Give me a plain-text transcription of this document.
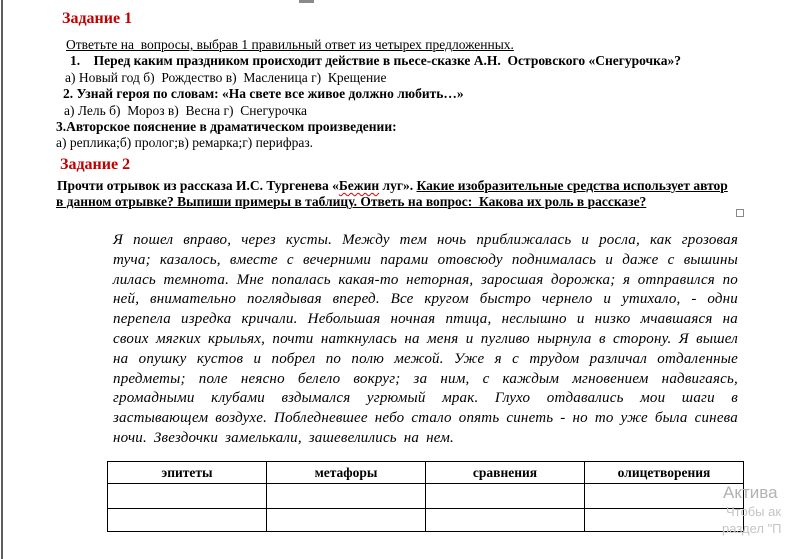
Задание 1
Ответьте на  вопросы, выбрав 1 правильный ответ из четырех предложенных.
1.    Перед каким праздником происходит действие в пьесе-сказке А.Н.  Островского «Снегурочка»?
а) Новый год б)  Рождество в)  Масленица г)  Крещение
2. Узнай героя по словам: «На свете все живое должно любить…»
а) Лель б)  Мороз в)  Весна г)  Снегурочка
3.Авторское пояснение в драматическом произведении:
а) реплика;б) пролог;в) ремарка;г) перифраз.
Задание 2
Прочти отрывок из рассказа И.С. Тургенева «Бежин луг». Какие изобразительные средства использует автор
в данном отрывке? Выпиши примеры в таблицу. Ответь на вопрос:  Какова их роль в рассказе?
Я пошел вправо, через кусты. Между тем ночь приближалась и росла, как грозовая туча; казалось, вместе с вечерними парами отовсюду поднималась и даже с вышины лилась темнота. Мне попалась какая-то неторная, заросшая дорожка; я отправился по ней, внимательно поглядывая вперед. Все кругом быстро чернело и утихало, - одни перепела изредка кричали. Небольшая ночная птица, неслышно и низко мчавшаяся на своих мягких крыльях, почти наткнулась на меня и пугливо нырнула в сторону. Я вышел на опушку кустов и побрел по полю межой. Уже я с трудом различал отдаленные предметы; поле неясно белело вокруг; за ним, с каждым мгновением надвигаясь, громадными клубами вздымался угрюмый мрак. Глухо отдавались мои шаги в застывающем воздухе. Побледневшее небо стало опять синеть - но то уже была синева ночи. Звездочки замелькали, зашевелились на нем.
эпитеты	метафоры	сравнения	олицетворения

Актива
Чтобы ак
раздел "П
